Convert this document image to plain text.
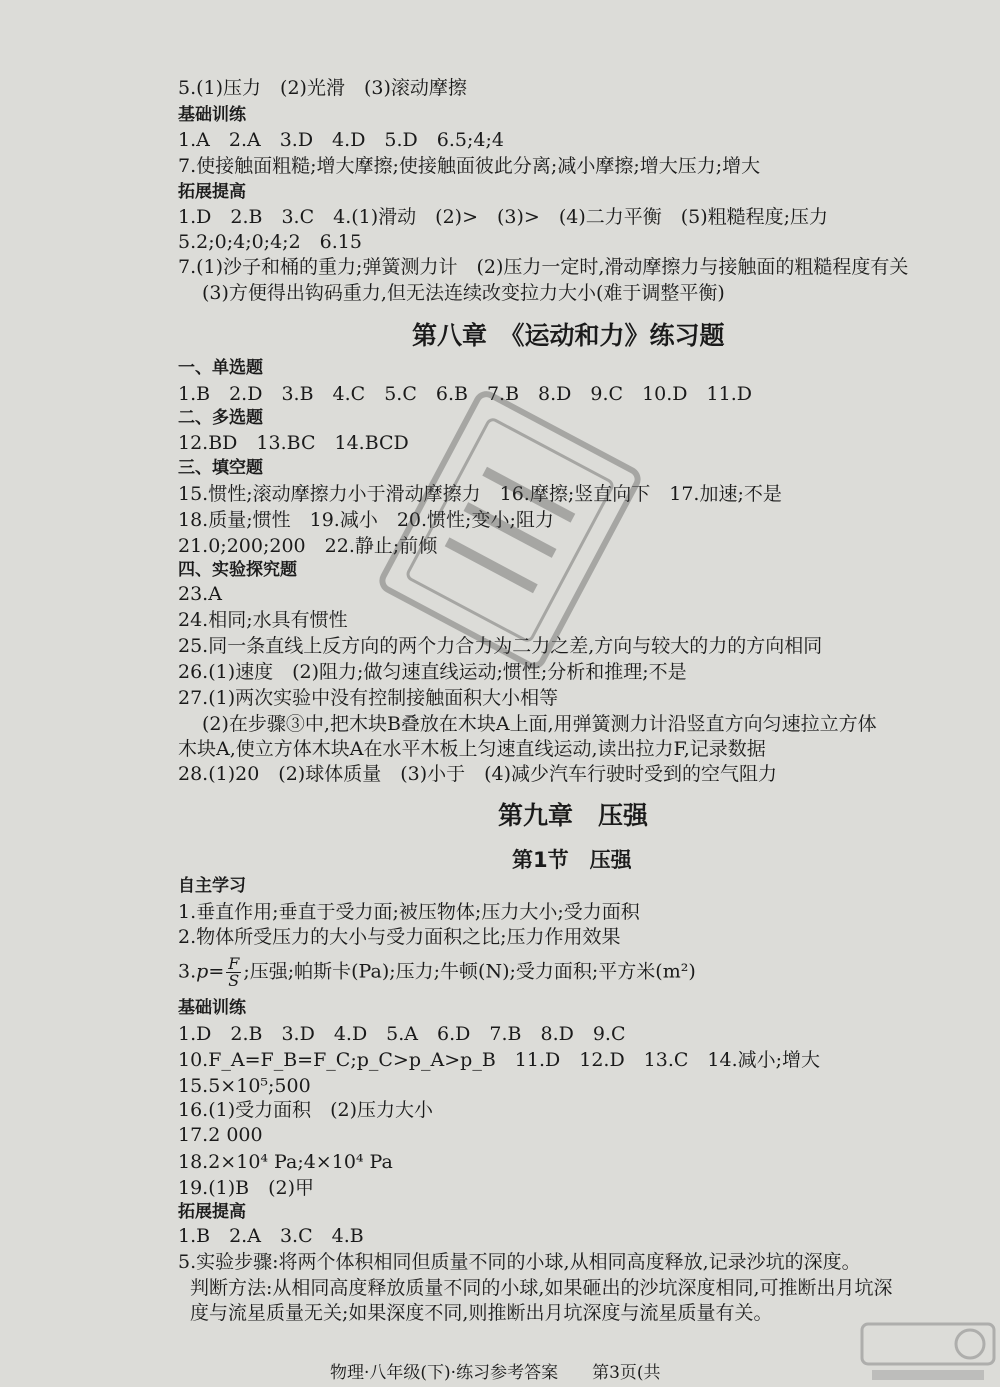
5.(1)压力　(2)光滑　(3)滚动摩擦
基础训练
1.A　2.A　3.D　4.D　5.D　6.5;4;4
7.使接触面粗糙;增大摩擦;使接触面彼此分离;减小摩擦;增大压力;增大
拓展提高
1.D　2.B　3.C　4.(1)滑动　(2)>　(3)>　(4)二力平衡　(5)粗糙程度;压力
5.2;0;4;0;4;2　6.15
7.(1)沙子和桶的重力;弹簧测力计　(2)压力一定时,滑动摩擦力与接触面的粗糙程度有关
(3)方便得出钩码重力,但无法连续改变拉力大小(难于调整平衡)
第八章　《运动和力》练习题
一、单选题
1.B　2.D　3.B　4.C　5.C　6.B　7.B　8.D　9.C　10.D　11.D
二、多选题
12.BD　13.BC　14.BCD
三、填空题
15.惯性;滚动摩擦力小于滑动摩擦力　16.摩擦;竖直向下　17.加速;不是
18.质量;惯性　19.减小　20.惯性;变小;阻力
21.0;200;200　22.静止;前倾
四、实验探究题
23.A
24.相同;水具有惯性
25.同一条直线上反方向的两个力合力为二力之差,方向与较大的力的方向相同
26.(1)速度　(2)阻力;做匀速直线运动;惯性;分析和推理;不是
27.(1)两次实验中没有控制接触面积大小相等
(2)在步骤③中,把木块B叠放在木块A上面,用弹簧测力计沿竖直方向匀速拉立方体
木块A,使立方体木块A在水平木板上匀速直线运动,读出拉力F,记录数据
28.(1)20　(2)球体质量　(3)小于　(4)减少汽车行驶时受到的空气阻力
第九章　压强
第1节　压强
自主学习
1.垂直作用;垂直于受力面;被压物体;压力大小;受力面积
2.物体所受压力的大小与受力面积之比;压力作用效果
$3.p= \frac{F}{S}$ ;压强;帕斯卡(Pa);压力;牛顿(N);受力面积;平方米(m²)
基础训练
1.D　2.B　3.D　4.D　5.A　6.D　7.B　8.D　9.C
10.F_A=F_B=F_C;p_C>p_A>p_B　11.D　12.D　13.C　14.减小;增大
15.5×10⁵;500
16.(1)受力面积　(2)压力大小
17.2 000
18.2×10⁴ Pa;4×10⁴ Pa
19.(1)B　(2)甲
拓展提高
1.B　2.A　3.C　4.B
5.实验步骤:将两个体积相同但质量不同的小球,从相同高度释放,记录沙坑的深度。
判断方法:从相同高度释放质量不同的小球,如果砸出的沙坑深度相同,可推断出月坑深
度与流星质量无关;如果深度不同,则推断出月坑深度与流星质量有关。
物理·八年级(下)·练习参考答案　　第3页(共
